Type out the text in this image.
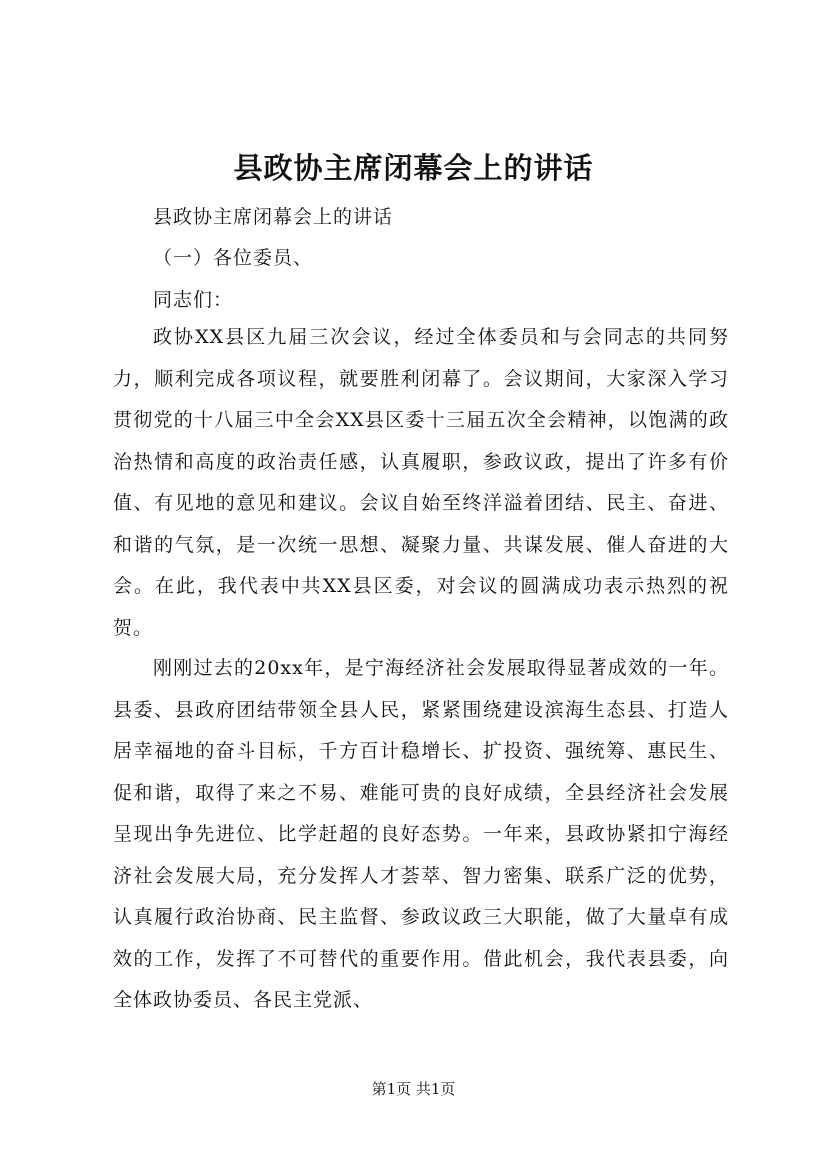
县政协主席闭幕会上的讲话
县政协主席闭幕会上的讲话
（一）各位委员、
同志们：

政协XX县区九届三次会议，经过全体委员和与会同志的共同努力，顺利完成各项议程，就要胜利闭幕了。会议期间，大家深入学习贯彻党的十八届三中全会XX县区委十三届五次全会精神，以饱满的政治热情和高度的政治责任感，认真履职，参政议政，提出了许多有价值、有见地的意见和建议。会议自始至终洋溢着团结、民主、奋进、和谐的气氛，是一次统一思想、凝聚力量、共谋发展、催人奋进的大会。在此，我代表中共XX县区委，对会议的圆满成功表示热烈的祝贺。

刚刚过去的20xx年，是宁海经济社会发展取得显著成效的一年。县委、县政府团结带领全县人民，紧紧围绕建设滨海生态县、打造人居幸福地的奋斗目标，千方百计稳增长、扩投资、强统筹、惠民生、促和谐，取得了来之不易、难能可贵的良好成绩，全县经济社会发展呈现出争先进位、比学赶超的良好态势。一年来，县政协紧扣宁海经济社会发展大局，充分发挥人才荟萃、智力密集、联系广泛的优势，认真履行政治协商、民主监督、参政议政三大职能，做了大量卓有成效的工作，发挥了不可替代的重要作用。借此机会，我代表县委，向全体政协委员、各民主党派、

第1页 共1页
